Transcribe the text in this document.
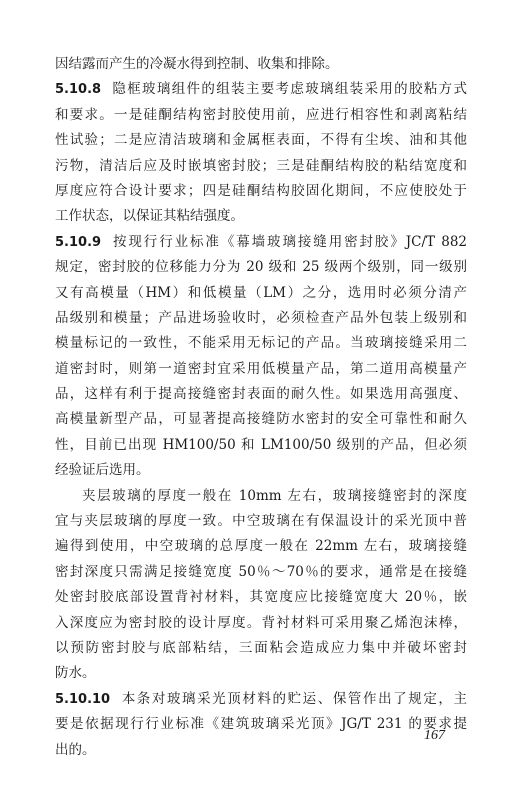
因结露而产生的冷凝水得到控制、收集和排除。
5.10.8 隐框玻璃组件的组装主要考虑玻璃组装采用的胶粘方式
和要求。一是硅酮结构密封胶使用前，应进行相容性和剥离粘结
性试验；二是应清洁玻璃和金属框表面，不得有尘埃、油和其他
污物，清洁后应及时嵌填密封胶；三是硅酮结构胶的粘结宽度和
厚度应符合设计要求；四是硅酮结构胶固化期间，不应使胶处于
工作状态，以保证其粘结强度。
5.10.9 按现行行业标准《幕墙玻璃接缝用密封胶》JC/T 882
规定，密封胶的位移能力分为 20 级和 25 级两个级别，同一级别
又有高模量（HM）和低模量（LM）之分，选用时必须分清产
品级别和模量；产品进场验收时，必须检查产品外包装上级别和
模量标记的一致性，不能采用无标记的产品。当玻璃接缝采用二
道密封时，则第一道密封宜采用低模量产品，第二道用高模量产
品，这样有利于提高接缝密封表面的耐久性。如果选用高强度、
高模量新型产品，可显著提高接缝防水密封的安全可靠性和耐久
性，目前已出现 HM100/50 和 LM100/50 级别的产品，但必须
经验证后选用。
夹层玻璃的厚度一般在 10mm 左右，玻璃接缝密封的深度
宜与夹层玻璃的厚度一致。中空玻璃在有保温设计的采光顶中普
遍得到使用，中空玻璃的总厚度一般在 22mm 左右，玻璃接缝
密封深度只需满足接缝宽度 50％～70％的要求，通常是在接缝
处密封胶底部设置背衬材料，其宽度应比接缝宽度大 20％，嵌
入深度应为密封胶的设计厚度。背衬材料可采用聚乙烯泡沫棒，
以预防密封胶与底部粘结，三面粘会造成应力集中并破坏密封
防水。
5.10.10 本条对玻璃采光顶材料的贮运、保管作出了规定，主
要是依据现行行业标准《建筑玻璃采光顶》JG/T 231 的要求提
出的。
167
